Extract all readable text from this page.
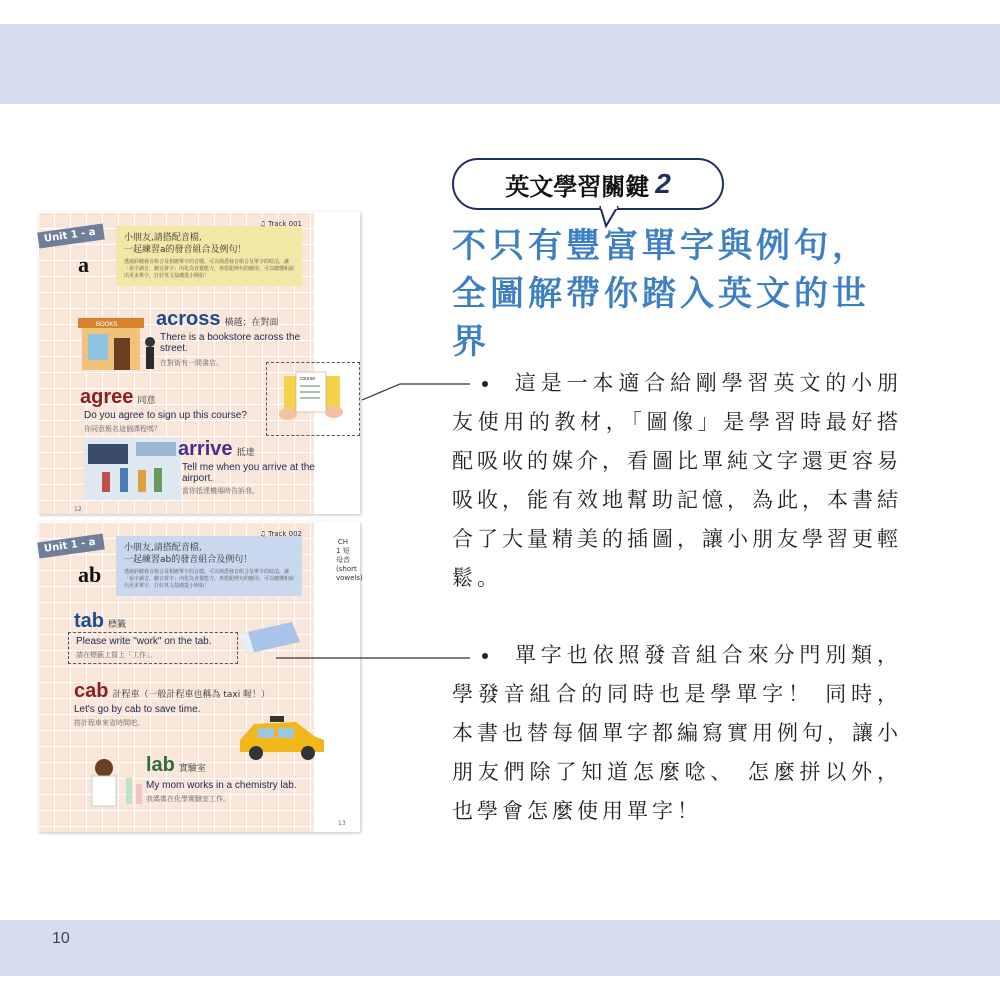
Unit 1 - a
a
小朋友,請搭配音檔,
一起練習a的發音組合及例句！
透過聆聽發音組合及相應單字的音檔，可以熟悉發音組合及單字的唸法，讓「看字讀音，聽音拼字」內化為直覺能力，再搭配例句的應用，可以聽懂和說出更多單字，打好英文基礎從小開始！
♫ Track 001
BOOKS across 橫越；在對面
There is a bookstore across the street.
在對街有一間書店。
agree 同意
Do you agree to sign up this course?
你同意報名這個課程嗎？
course
arrive 抵達
Tell me when you arrive at the airport.
當你抵達機場時告訴我。
12
CH 1 短母音 (short vowels)
Unit 1 - a
ab
小朋友,請搭配音檔,
一起練習ab的發音組合及例句！
透過聆聽發音組合及相應單字的音檔，可以熟悉發音組合及單字的唸法，讓「看字讀音，聽音拼字」內化為直覺能力，再搭配例句的應用，可以聽懂和說出更多單字，打好英文基礎從小開始！
♫ Track 002
tab 標籤
Please write "work" on the tab.
請在標籤上寫上「工作」。
cab 計程車（一般計程車也稱為 taxi 喔！）
Let's go by cab to save time.
搭計程車來省時間吧。
lab 實驗室
My mom works in a chemistry lab.
我媽媽在化學實驗室工作。
13
英文學習關鍵 2
不只有豐富單字與例句，全圖解帶你踏入英文的世界
這是一本適合給剛學習英文的小朋友使用的教材，「圖像」是學習時最好搭配吸收的媒介，看圖比單純文字還更容易吸收，能有效地幫助記憶，為此，本書結合了大量精美的插圖，讓小朋友學習更輕鬆。
單字也依照發音組合來分門別類，學發音組合的同時也是學單字！ 同時，本書也替每個單字都編寫實用例句，讓小朋友們除了知道怎麼唸、 怎麼拼以外，也學會怎麼使用單字！
10
